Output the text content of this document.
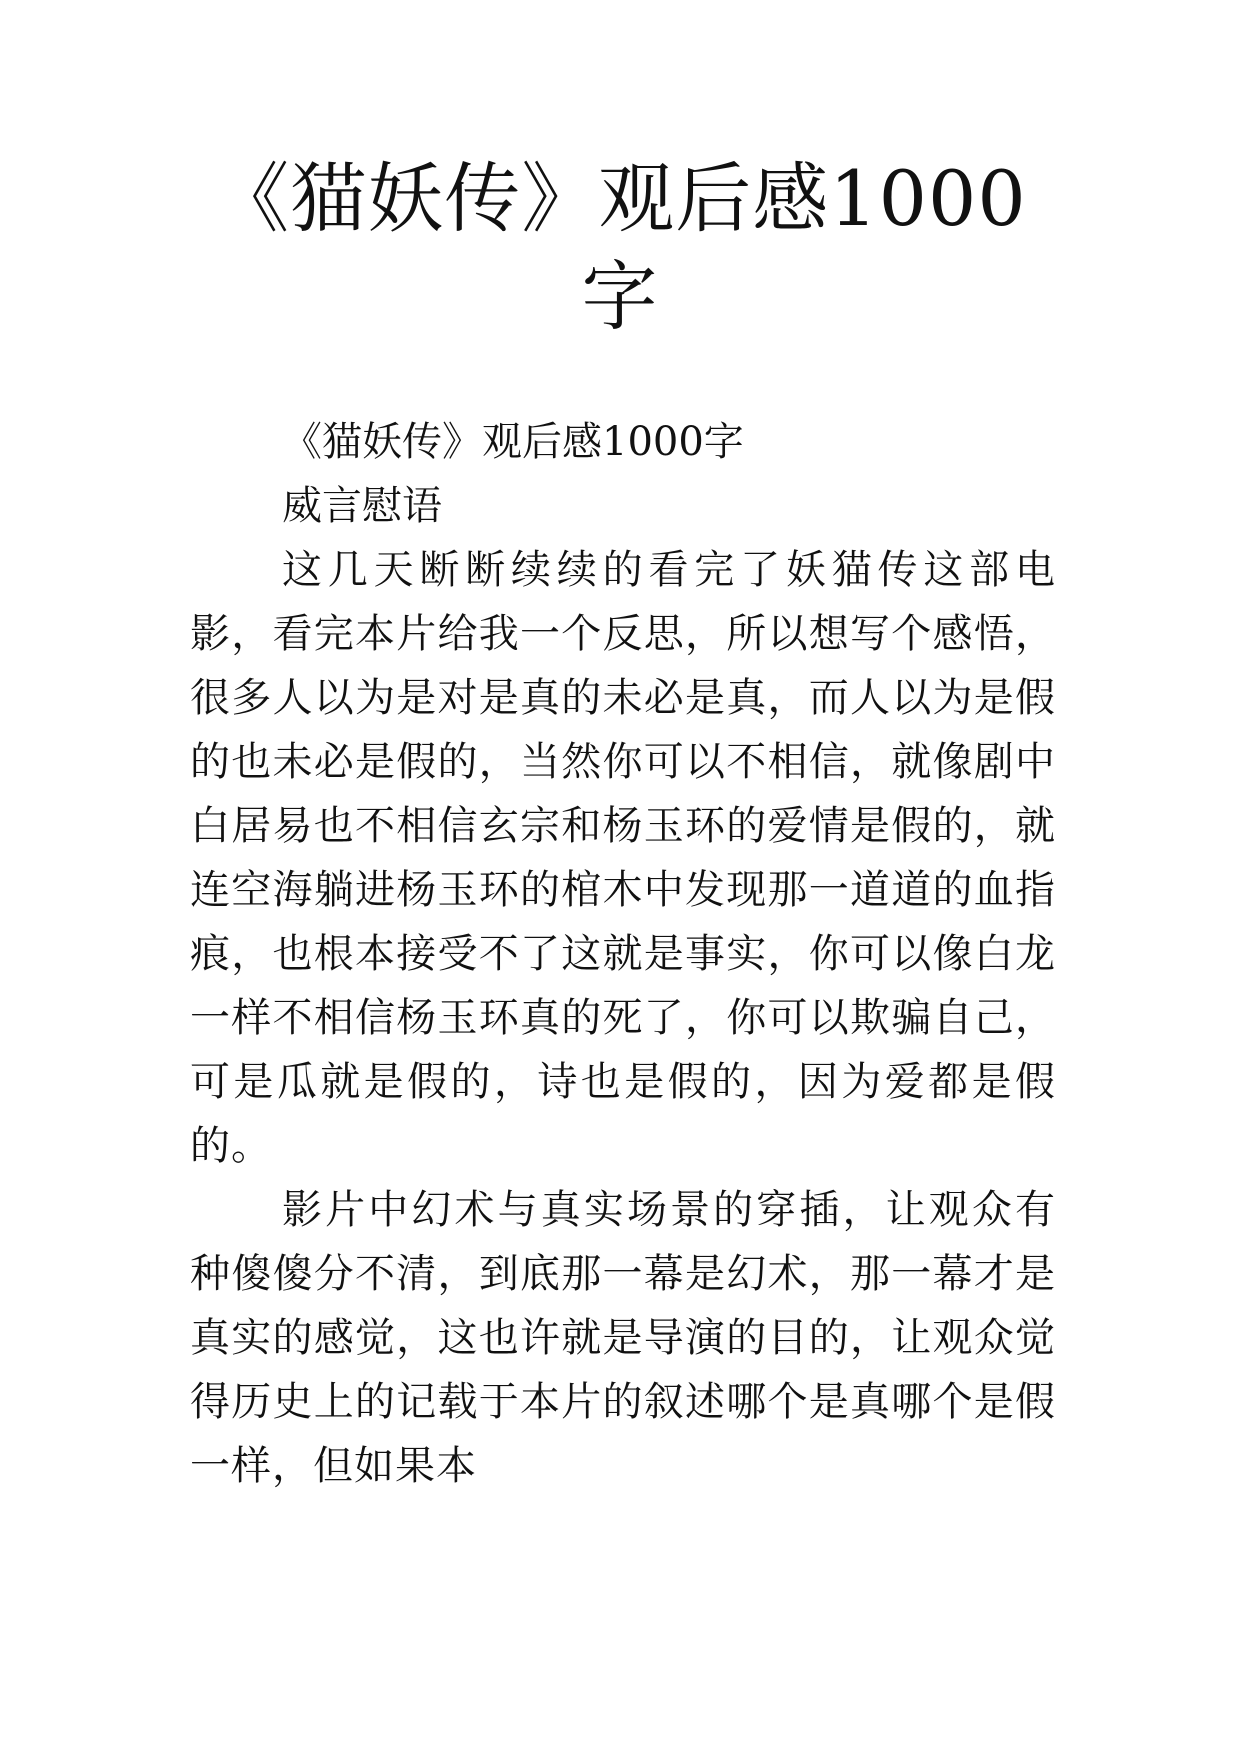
《猫妖传》观后感1000字

《猫妖传》观后感1000字

威言慰语

这几天断断续续的看完了妖猫传这部电影，看完本片给我一个反思，所以想写个感悟，很多人以为是对是真的未必是真，而人以为是假的也未必是假的，当然你可以不相信，就像剧中白居易也不相信玄宗和杨玉环的爱情是假的，就连空海躺进杨玉环的棺木中发现那一道道的血指痕，也根本接受不了这就是事实，你可以像白龙一样不相信杨玉环真的死了，你可以欺骗自己，可是瓜就是假的，诗也是假的，因为爱都是假的。

影片中幻术与真实场景的穿插，让观众有种傻傻分不清，到底那一幕是幻术，那一幕才是真实的感觉，这也许就是导演的目的，让观众觉得历史上的记载于本片的叙述哪个是真哪个是假一样，但如果本
